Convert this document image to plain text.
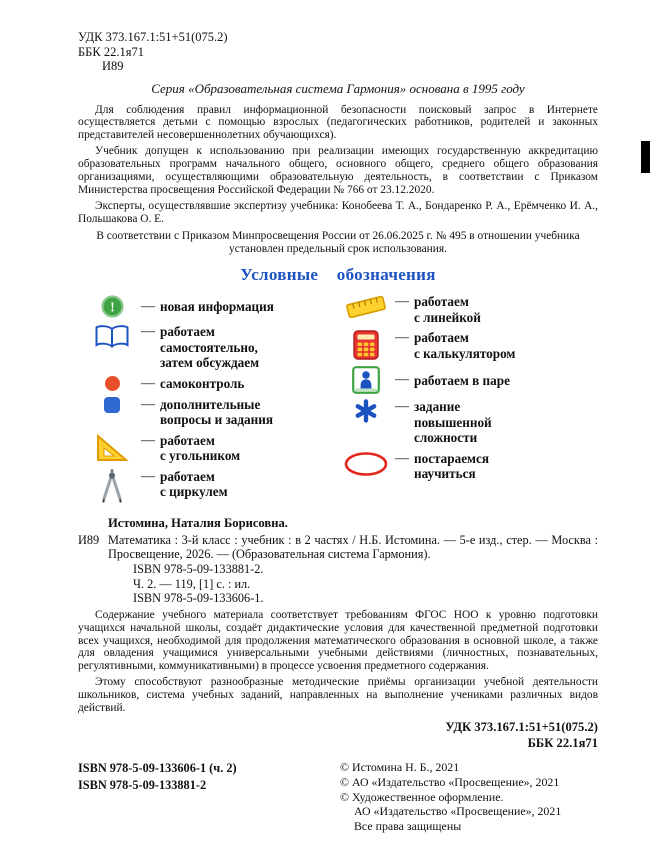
УДК 373.167.1:51+51(075.2)
ББК 22.1я71
И89
Серия «Образовательная система Гармония» основана в 1995 году

Для соблюдения правил информационной безопасности поисковый запрос в Интернете осуществляется детьми с помощью взрослых (педагогических работников, родителей и законных представителей несовершеннолетних обучающихся).

Учебник допущен к использованию при реализации имеющих государственную аккредитацию образовательных программ начального общего, основного общего, среднего общего образования организациями, осуществляющими образовательную деятельность, в соответствии с Приказом Министерства просвещения Российской Федерации № 766 от 23.12.2020.

Эксперты, осуществлявшие экспертизу учебника: Конобеева Т. А., Бондаренко Р. А., Ерёмченко И. А., Польшакова О. Е.

В соответствии с Приказом Минпросвещения России от 26.06.2025 г. № 495 в отношении учебника установлен предельный срок использования.

Условные обозначения
!	— новая информация
— работаем
самостоятельно,
затем обсуждаем
— самоконтроль
— дополнительные
вопросы и задания
— работаем
с угольником
— работаем
с циркулем
— работаем
с линейкой
— работаем
с калькулятором
— работаем в паре
— задание
повышенной
сложности
— постараемся
научиться

Истомина, Наталия Борисовна.

И89 Математика : 3-й класс : учебник : в 2 частях / Н.Б. Истомина. — 5-е изд., стер. — Москва : Просвещение, 2026. — (Образовательная система Гармония).
ISBN 978-5-09-133881-2.
Ч. 2. — 119, [1] с. : ил.
ISBN 978-5-09-133606-1.

Содержание учебного материала соответствует требованиям ФГОС НОО к уровню подготовки учащихся начальной школы, создаёт дидактические условия для качественной предметной подготовки всех учащихся, необходимой для продолжения математического образования в основной школе, а также для овладения учащимися универсальными учебными действиями (личностных, познавательных, регулятивными, коммуникативными) в процессе усвоения предметного содержания.

Этому способствуют разнообразные методические приёмы организации учебной деятельности школьников, система учебных заданий, направленных на выполнение учениками различных видов действий.

УДК 373.167.1:51+51(075.2)
ББК 22.1я71
ISBN 978-5-09-133606-1 (ч. 2)
ISBN 978-5-09-133881-2
© Истомина Н. Б., 2021
© АО «Издательство «Просвещение», 2021
© Художественное оформление.
АО «Издательство «Просвещение», 2021
Все права защищены
